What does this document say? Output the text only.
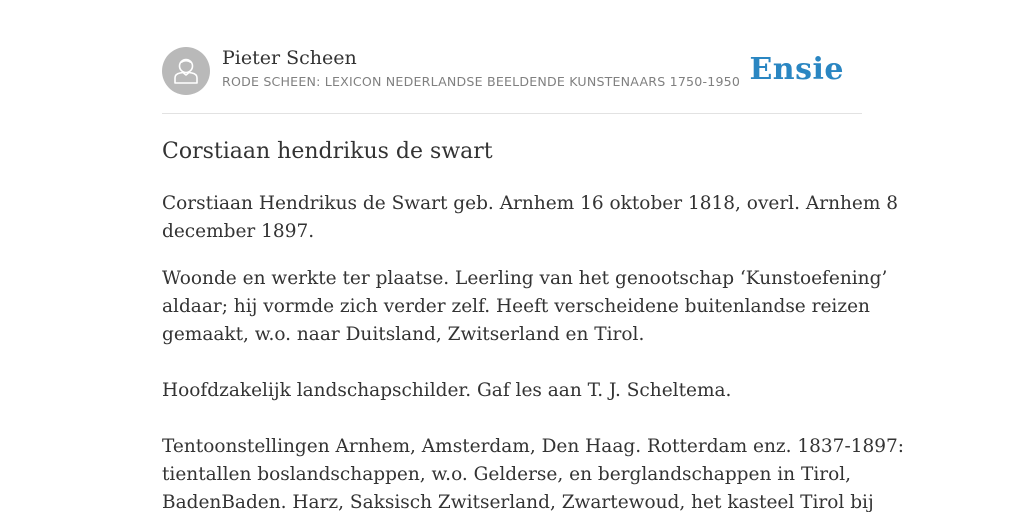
Pieter Scheen
RODE SCHEEN: LEXICON NEDERLANDSE BEELDENDE KUNSTENAARS 1750-1950 Ensie
Corstiaan hendrikus de swart

Corstiaan Hendrikus de Swart geb. Arnhem 16 oktober 1818, overl. Arnhem 8
december 1897.

Woonde en werkte ter plaatse. Leerling van het genootschap ‘Kunstoefening’
aldaar; hij vormde zich verder zelf. Heeft verscheidene buitenlandse reizen
gemaakt, w.o. naar Duitsland, Zwitserland en Tirol.

Hoofdzakelijk landschapschilder. Gaf les aan T. J. Scheltema.

Tentoonstellingen Arnhem, Amsterdam, Den Haag. Rotterdam enz. 1837-1897:
tientallen boslandschappen, w.o. Gelderse, en berglandschappen in Tirol,
BadenBaden. Harz, Saksisch Zwitserland, Zwartewoud, het kasteel Tirol bij
